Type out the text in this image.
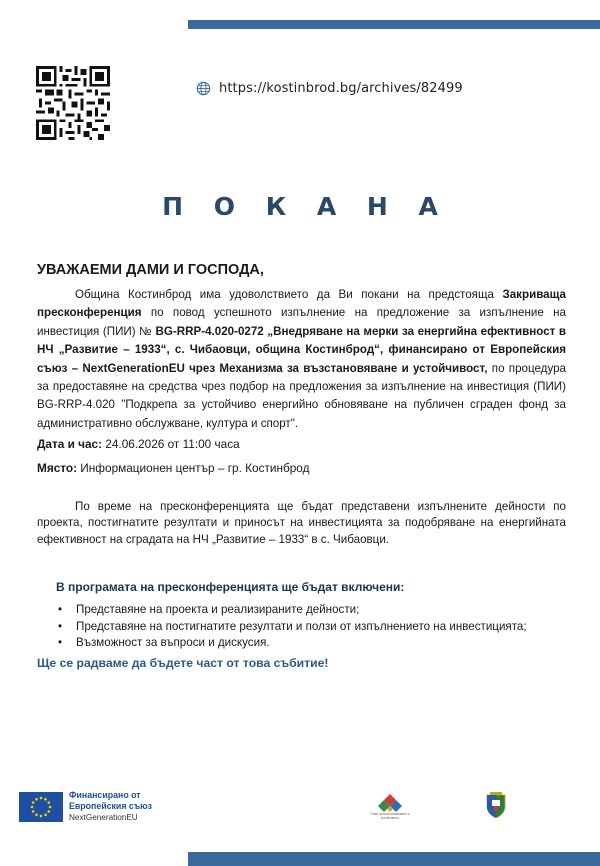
https://kostinbrod.bg/archives/82499
П О К А Н А
УВАЖАЕМИ ДАМИ И ГОСПОДА,
Община Костинброд има удоволствието да Ви покани на предстояща Закриваща пресконференция по повод успешното изпълнение на предложение за изпълнение на инвестиция (ПИИ) № BG-RRP-4.020-0272 „Внедряване на мерки за енергийна ефективност в НЧ „Развитие – 1933“, с. Чибаовци, община Костинброд“, финансирано от Европейския съюз – NextGenerationEU чрез Механизма за възстановяване и устойчивост, по процедура за предоставяне на средства чрез подбор на предложения за изпълнение на инвестиция (ПИИ) BG-RRP-4.020 "Подкрепа за устойчиво енергийно обновяване на публичен сграден фонд за административно обслужване, култура и спорт".
Дата и час: 24.06.2026 от 11:00 часа
Място: Информационен център – гр. Костинброд
По време на пресконференцията ще бъдат представени изпълнените дейности по проекта, постигнатите резултати и приносът на инвестицията за подобряване на енергийната ефективност на сградата на НЧ „Развитие – 1933“ в с. Чибаовци.
В програмата на пресконференцията ще бъдат включени:
• Представяне на проекта и реализираните дейности;
• Представяне на постигнатите резултати и ползи от изпълнението на инвестицията;
• Възможност за въпроси и дискусия.
Ще се радваме да бъдете част от това събитие!
Финансирано от
Европейския съюз
NextGenerationEU	План за възстановяване и устойчивост
